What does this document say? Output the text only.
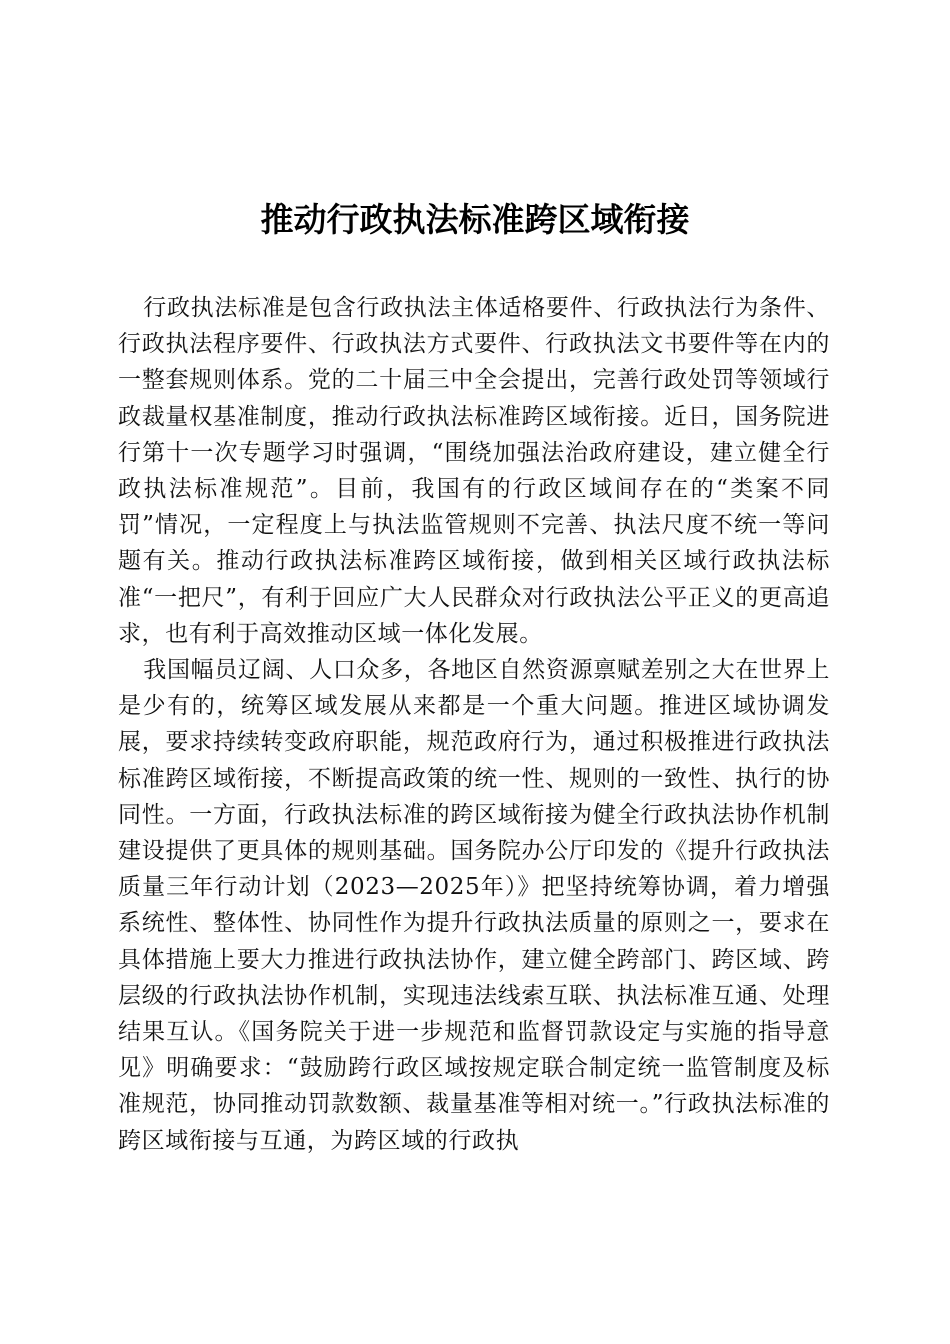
推动行政执法标准跨区域衔接

行政执法标准是包含行政执法主体适格要件、行政执法行为条件、行政执法程序要件、行政执法方式要件、行政执法文书要件等在内的一整套规则体系。党的二十届三中全会提出，完善行政处罚等领域行政裁量权基准制度，推动行政执法标准跨区域衔接。近日，国务院进行第十一次专题学习时强调，“围绕加强法治政府建设，建立健全行政执法标准规范”。目前，我国有的行政区域间存在的“类案不同罚”情况，一定程度上与执法监管规则不完善、执法尺度不统一等问题有关。推动行政执法标准跨区域衔接，做到相关区域行政执法标准“一把尺”，有利于回应广大人民群众对行政执法公平正义的更高追求，也有利于高效推动区域一体化发展。

我国幅员辽阔、人口众多，各地区自然资源禀赋差别之大在世界上是少有的，统筹区域发展从来都是一个重大问题。推进区域协调发展，要求持续转变政府职能，规范政府行为，通过积极推进行政执法标准跨区域衔接，不断提高政策的统一性、规则的一致性、执行的协同性。一方面，行政执法标准的跨区域衔接为健全行政执法协作机制建设提供了更具体的规则基础。国务院办公厅印发的《提升行政执法质量三年行动计划（2023—2025年）》把坚持统筹协调，着力增强系统性、整体性、协同性作为提升行政执法质量的原则之一，要求在具体措施上要大力推进行政执法协作，建立健全跨部门、跨区域、跨层级的行政执法协作机制，实现违法线索互联、执法标准互通、处理结果互认。《国务院关于进一步规范和监督罚款设定与实施的指导意见》明确要求：“鼓励跨行政区域按规定联合制定统一监管制度及标准规范，协同推动罚款数额、裁量基准等相对统一。”行政执法标准的跨区域衔接与互通，为跨区域的行政执
